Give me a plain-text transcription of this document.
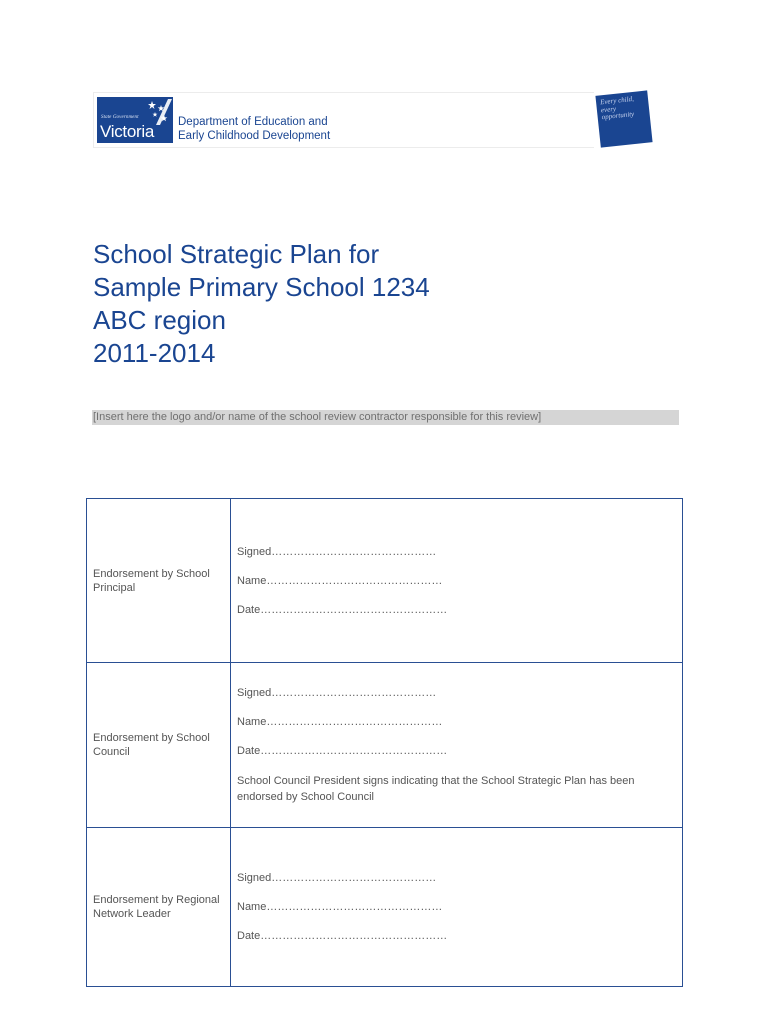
State Government
Victoria Department of Education and
Early Childhood Development
Every child, every opportunity
School Strategic Plan for
Sample Primary School 1234
ABC region
2011-2014
[Insert here the logo and/or name of the school review contractor responsible for this review]
Endorsement by School Principal	Signed………………………………………
Name…………………………………………
Date……………………………………………

Endorsement by School Council	Signed………………………………………
Name…………………………………………
Date……………………………………………
School Council President signs indicating that the School Strategic Plan has been endorsed by School Council

Endorsement by Regional Network Leader	Signed………………………………………
Name…………………………………………
Date……………………………………………
